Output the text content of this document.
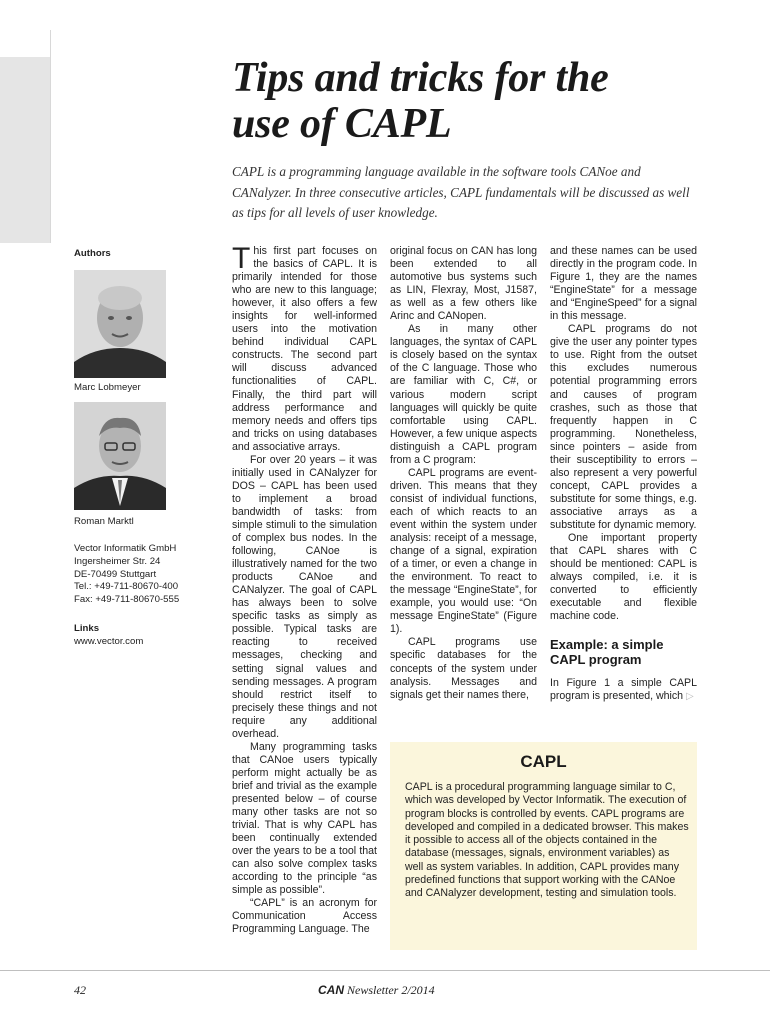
Tips and tricks for the
use of CAPL

CAPL is a programming language available in the software tools CANoe and CANalyzer. In three consecutive articles, CAPL fundamentals will be discussed as well as tips for all levels of user knowledge.

Authors
Marc Lobmeyer
Roman Marktl
Vector Informatik GmbH
Ingersheimer Str. 24
DE-70499 Stuttgart
Tel.: +49-711-80670-400
Fax: +49-711-80670-555
Links
www.vector.com

This first part focuses on the basics of CAPL. It is primarily intended for those who are new to this language; however, it also offers a few insights for well-informed users into the motivation behind individual CAPL constructs. The second part will discuss advanced functionalities of CAPL. Finally, the third part will address performance and memory needs and offers tips and tricks on using databases and associative arrays.

For over 20 years – it was initially used in CANalyzer for DOS – CAPL has been used to implement a broad bandwidth of tasks: from simple stimuli to the simulation of complex bus nodes. In the following, CANoe is illustratively named for the two products CANoe and CANalyzer. The goal of CAPL has always been to solve specific tasks as simply as possible. Typical tasks are reacting to received messages, checking and setting signal values and sending messages. A program should restrict itself to precisely these things and not require any additional overhead.

Many programming tasks that CANoe users typically perform might actually be as brief and trivial as the example presented below – of course many other tasks are not so trivial. That is why CAPL has been continually extended over the years to be a tool that can also solve complex tasks according to the principle “as simple as possible”.

“CAPL” is an acronym for Communication Access Programming Language. The

original focus on CAN has long been extended to all automotive bus systems such as LIN, Flexray, Most, J1587, as well as a few others like Arinc and CANopen.

As in many other languages, the syntax of CAPL is closely based on the syntax of the C language. Those who are familiar with C, C#, or various modern script languages will quickly be quite comfortable using CAPL. However, a few unique aspects distinguish a CAPL program from a C program:

CAPL programs are event-driven. This means that they consist of individual functions, each of which reacts to an event within the system under analysis: receipt of a message, change of a signal, expiration of a timer, or even a change in the environment. To react to the message “EngineState”, for example, you would use: “On message EngineState” (Figure 1).

CAPL programs use specific databases for the concepts of the system under analysis. Messages and signals get their names there,

and these names can be used directly in the program code. In Figure 1, they are the names “EngineState” for a message and “EngineSpeed” for a signal in this message.

CAPL programs do not give the user any pointer types to use. Right from the outset this excludes numerous potential programming errors and causes of program crashes, such as those that frequently happen in C programming. Nonetheless, since pointers – aside from their susceptibility to errors – also represent a very powerful concept, CAPL provides a substitute for some things, e.g. associative arrays as a substitute for dynamic memory.

One important property that CAPL shares with C should be mentioned: CAPL is always compiled, i.e. it is converted to efficiently executable and flexible machine code.

Example: a simple CAPL program

In Figure 1 a simple CAPL program is presented, which ▷

CAPL
CAPL is a procedural programming language similar to C, which was developed by Vector Informatik. The execution of program blocks is controlled by events. CAPL programs are developed and compiled in a dedicated browser. This makes it possible to access all of the objects contained in the database (messages, signals, environment variables) as well as system variables. In addition, CAPL provides many predefined functions that support working with the CANoe and CANalyzer development, testing and simulation tools.
42	CAN Newsletter 2/2014
